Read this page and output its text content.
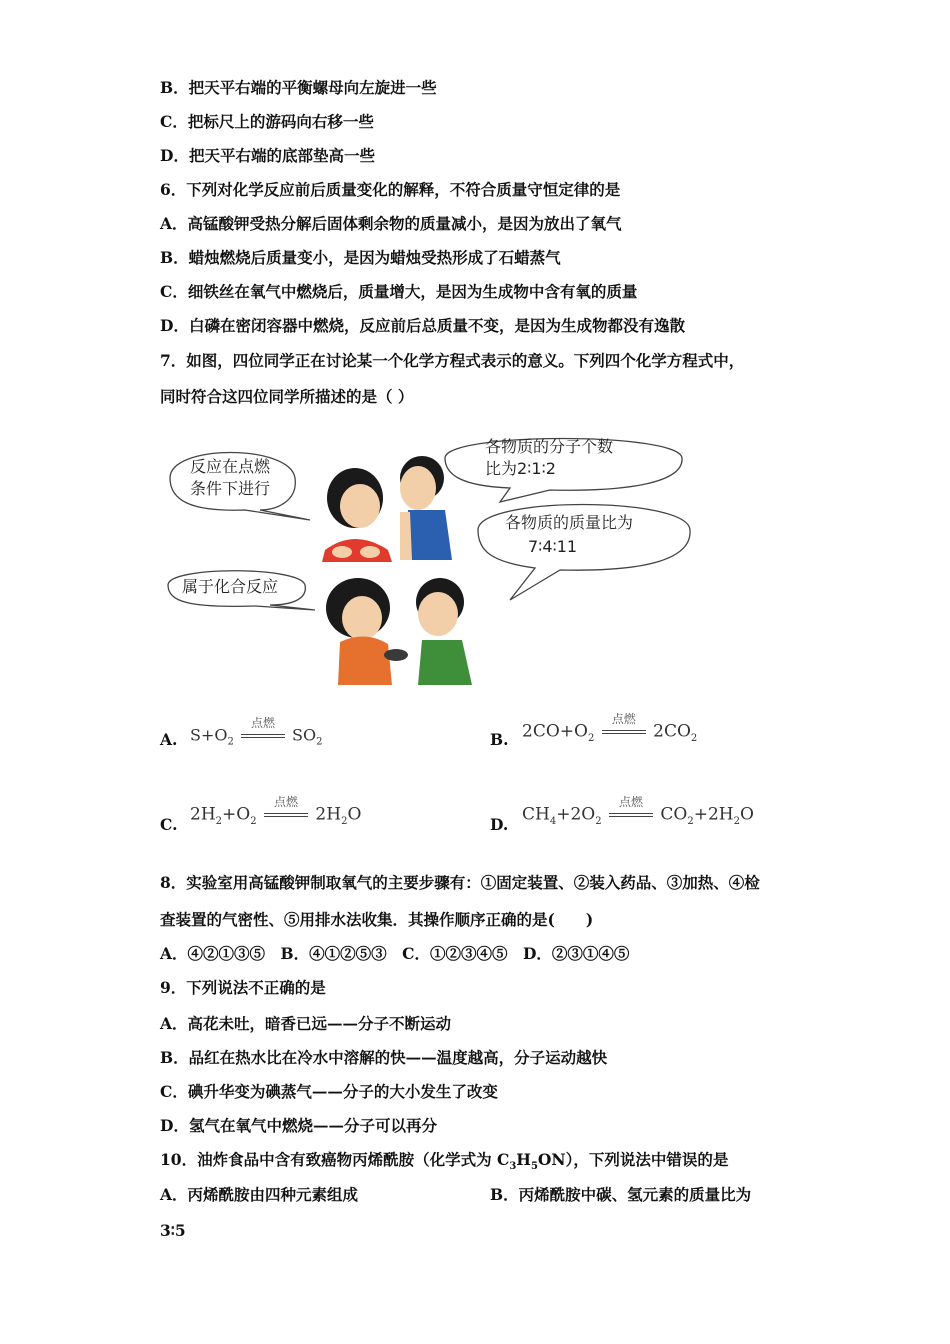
B．把天平右端的平衡螺母向左旋进一些
C．把标尺上的游码向右移一些
D．把天平右端的底部垫高一些
6．下列对化学反应前后质量变化的解释，不符合质量守恒定律的是
A．高锰酸钾受热分解后固体剩余物的质量减小，是因为放出了氧气
B．蜡烛燃烧后质量变小，是因为蜡烛受热形成了石蜡蒸气
C．细铁丝在氧气中燃烧后，质量增大，是因为生成物中含有氧的质量
D．白磷在密闭容器中燃烧，反应前后总质量不变，是因为生成物都没有逸散
7．如图，四位同学正在讨论某一个化学方程式表示的意义。下列四个化学方程式中，
同时符合这四位同学所描述的是（ ）
反应在点燃
条件下进行
各物质的分子个数
比为2∶1∶2
各物质的质量比为
7∶4∶11
属于化合反应
A. $S+O_2$
点燃
$SO_2$	B. $2CO+O_2$
点燃
$2CO_2$
C. $2H_2+O_2$
点燃
$2H_2O$	D. $CH_4+2O_2$
点燃
$CO_2+2H_2O$
8．实验室用高锰酸钾制取氧气的主要步骤有：①固定装置、②装入药品、③加热、④检
查装置的气密性、⑤用排水法收集．其操作顺序正确的是(　　)
A．④②①③⑤　B．④①②⑤③　C．①②③④⑤　D．②③①④⑤
9．下列说法不正确的是
A．高花未吐，暗香已远——分子不断运动
B．品红在热水比在冷水中溶解的快——温度越高，分子运动越快
C．碘升华变为碘蒸气——分子的大小发生了改变
D．氢气在氧气中燃烧——分子可以再分
10．油炸食品中含有致癌物丙烯酰胺（化学式为 $C_3H_5ON$），下列说法中错误的是
A．丙烯酰胺由四种元素组成	B．丙烯酰胺中碳、氢元素的质量比为
3∶5
